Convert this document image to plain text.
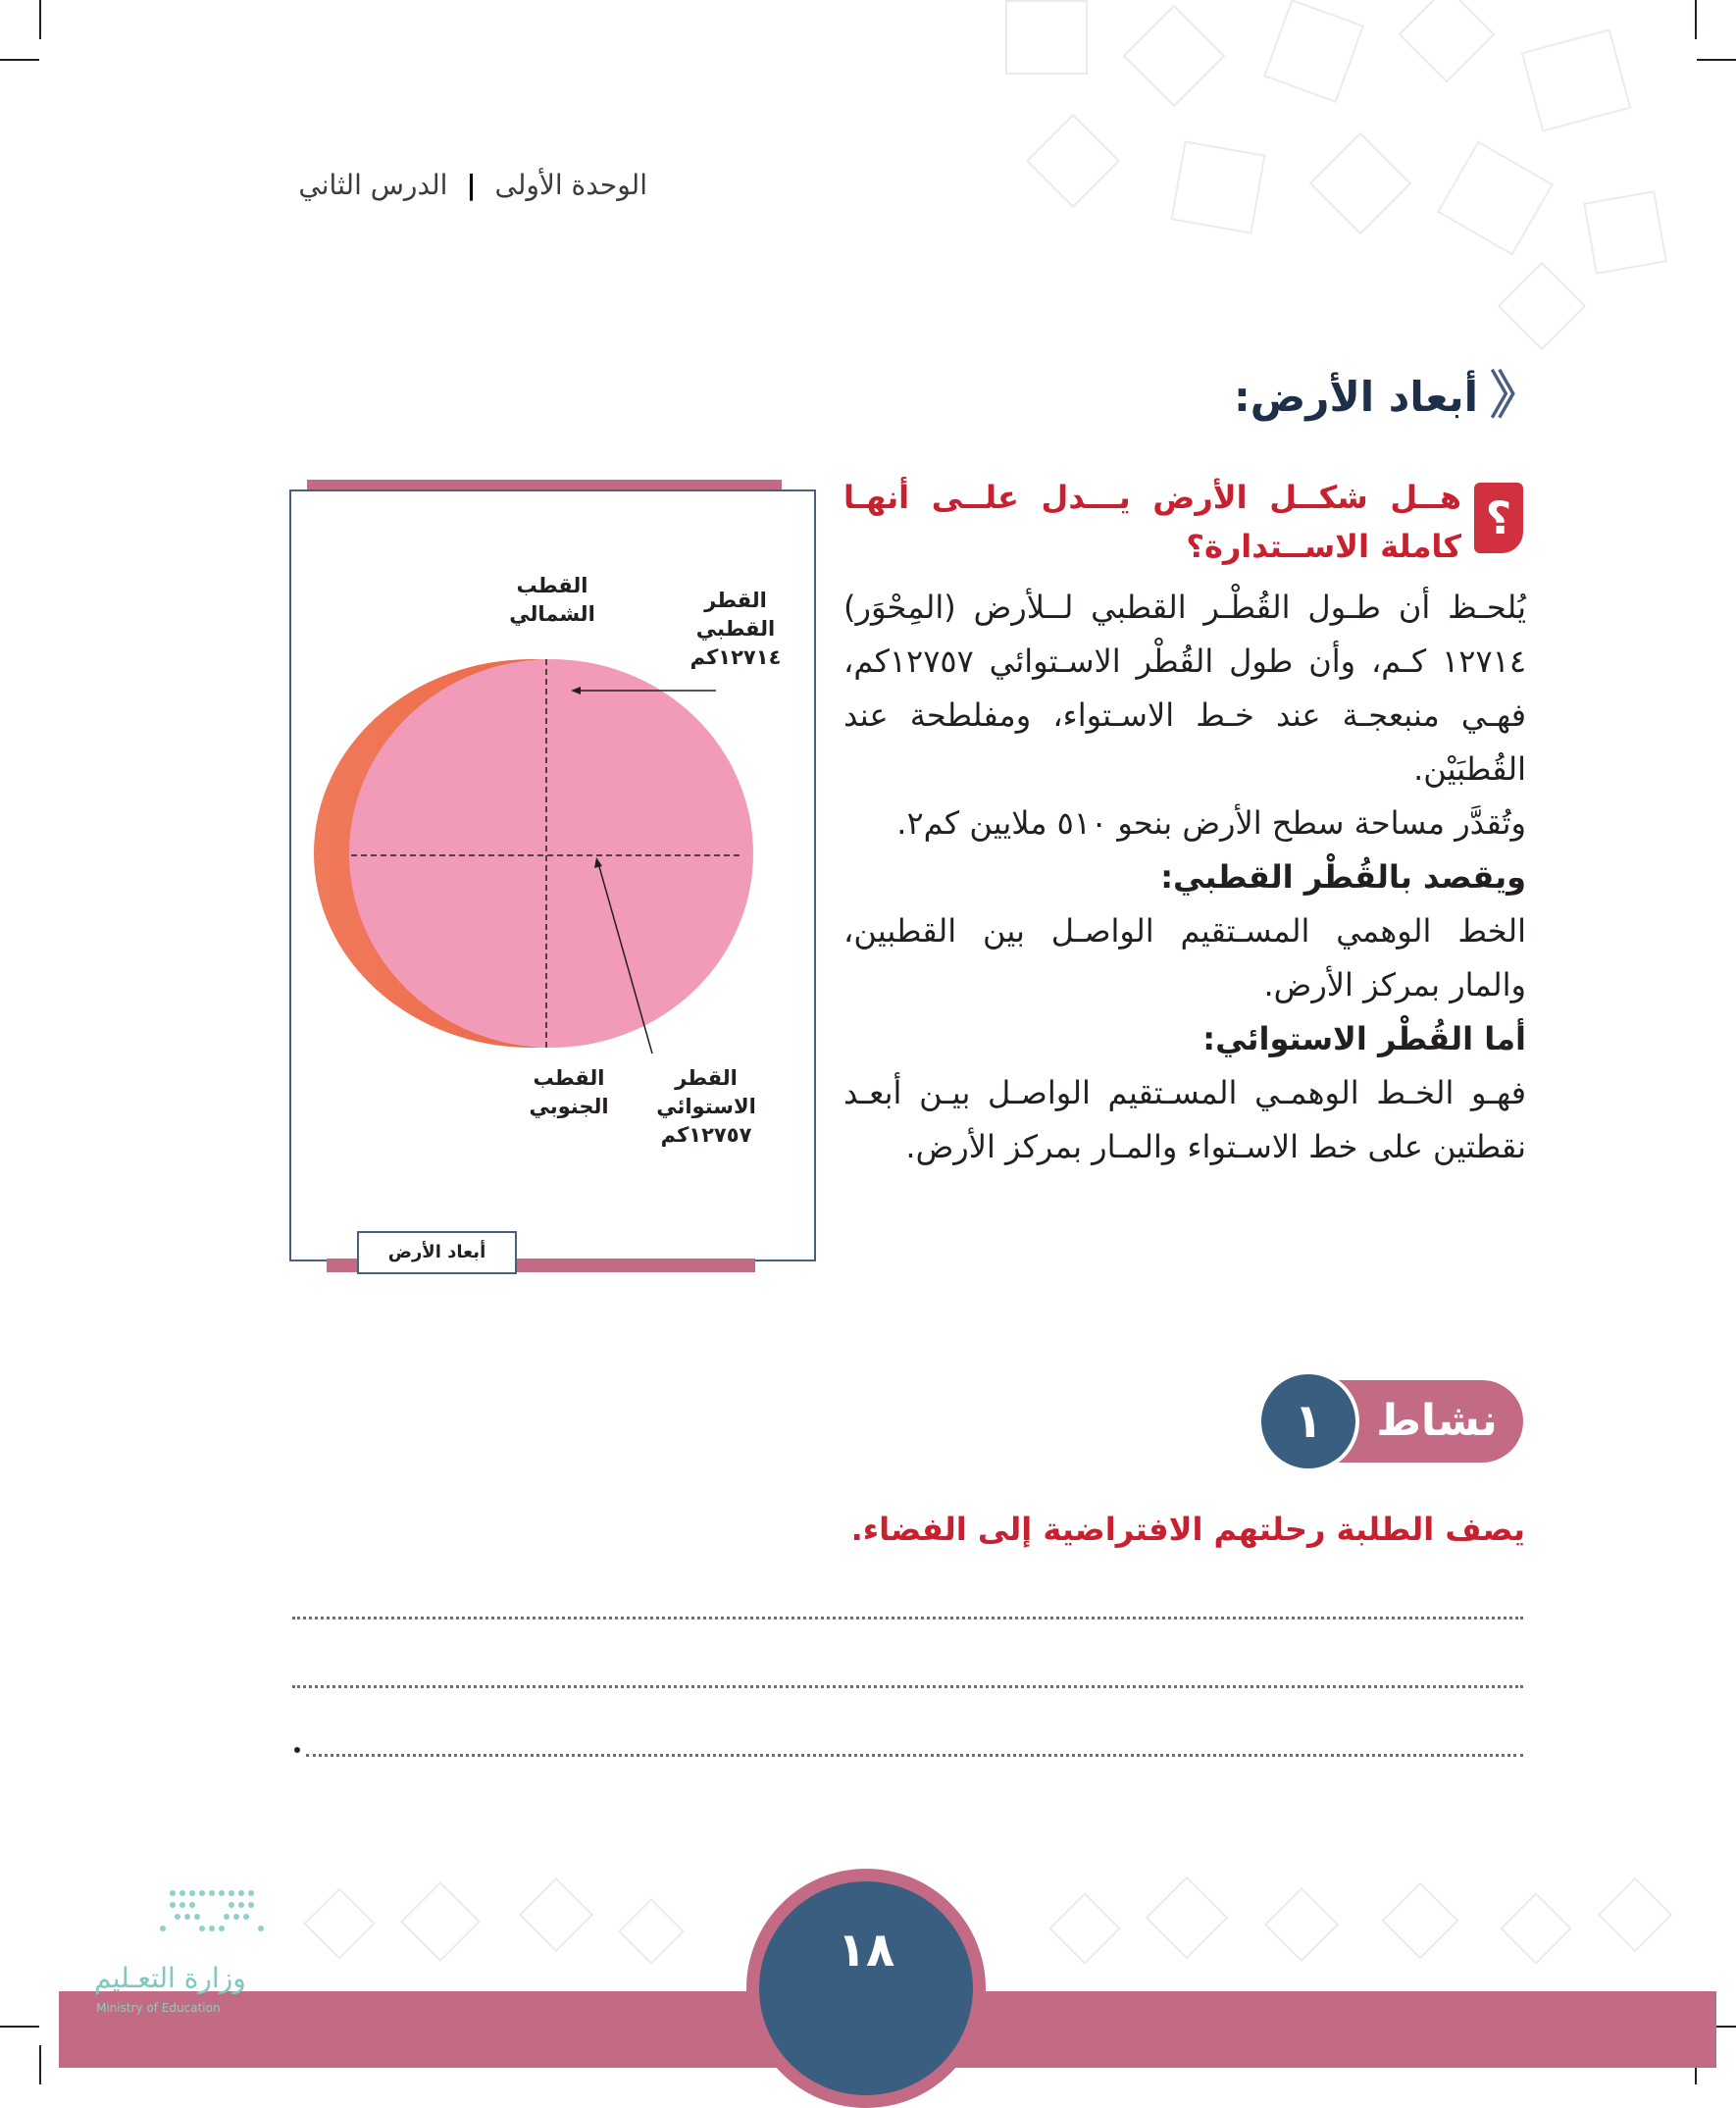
الوحدة الأولى | الدرس الثاني
《
أبعاد الأرض:
؟
هــل شكــل الأرض يـــدل علــى أنهـا كاملة الاســتدارة؟

يُلحـظ أن طـول القُطْـر القطبي لــلأرض (المِحْوَر) ١٢٧١٤ كـم، وأن طول القُطْر الاسـتوائي ١٢٧٥٧كم، فهـي منبعجـة عند خـط الاسـتواء، ومفلطحة عند القُطبَيْن.

وتُقدَّر مساحة سطح الأرض بنحو ٥١٠ ملايين كم٢.

ويقصد بالقُطْر القطبي:

الخط الوهمي المسـتقيم الواصـل بين القطبين، والمار بمركز الأرض.

أما القُطْر الاستوائي:

فهـو الخـط الوهمـي المسـتقيم الواصـل بيـن أبعـد نقطتين على خط الاسـتواء والمـار بمركز الأرض.

القطب
الشمالي
القطر
القطبي
١٢٧١٤كم
القطب
الجنوبي
القطر
الاستوائي
١٢٧٥٧كم
أبعاد الأرض
نشاط
١
يصف الطلبة رحلتهم الافتراضية إلى الفضاء.
١٨
وزارة التعـليم
Ministry of Education
